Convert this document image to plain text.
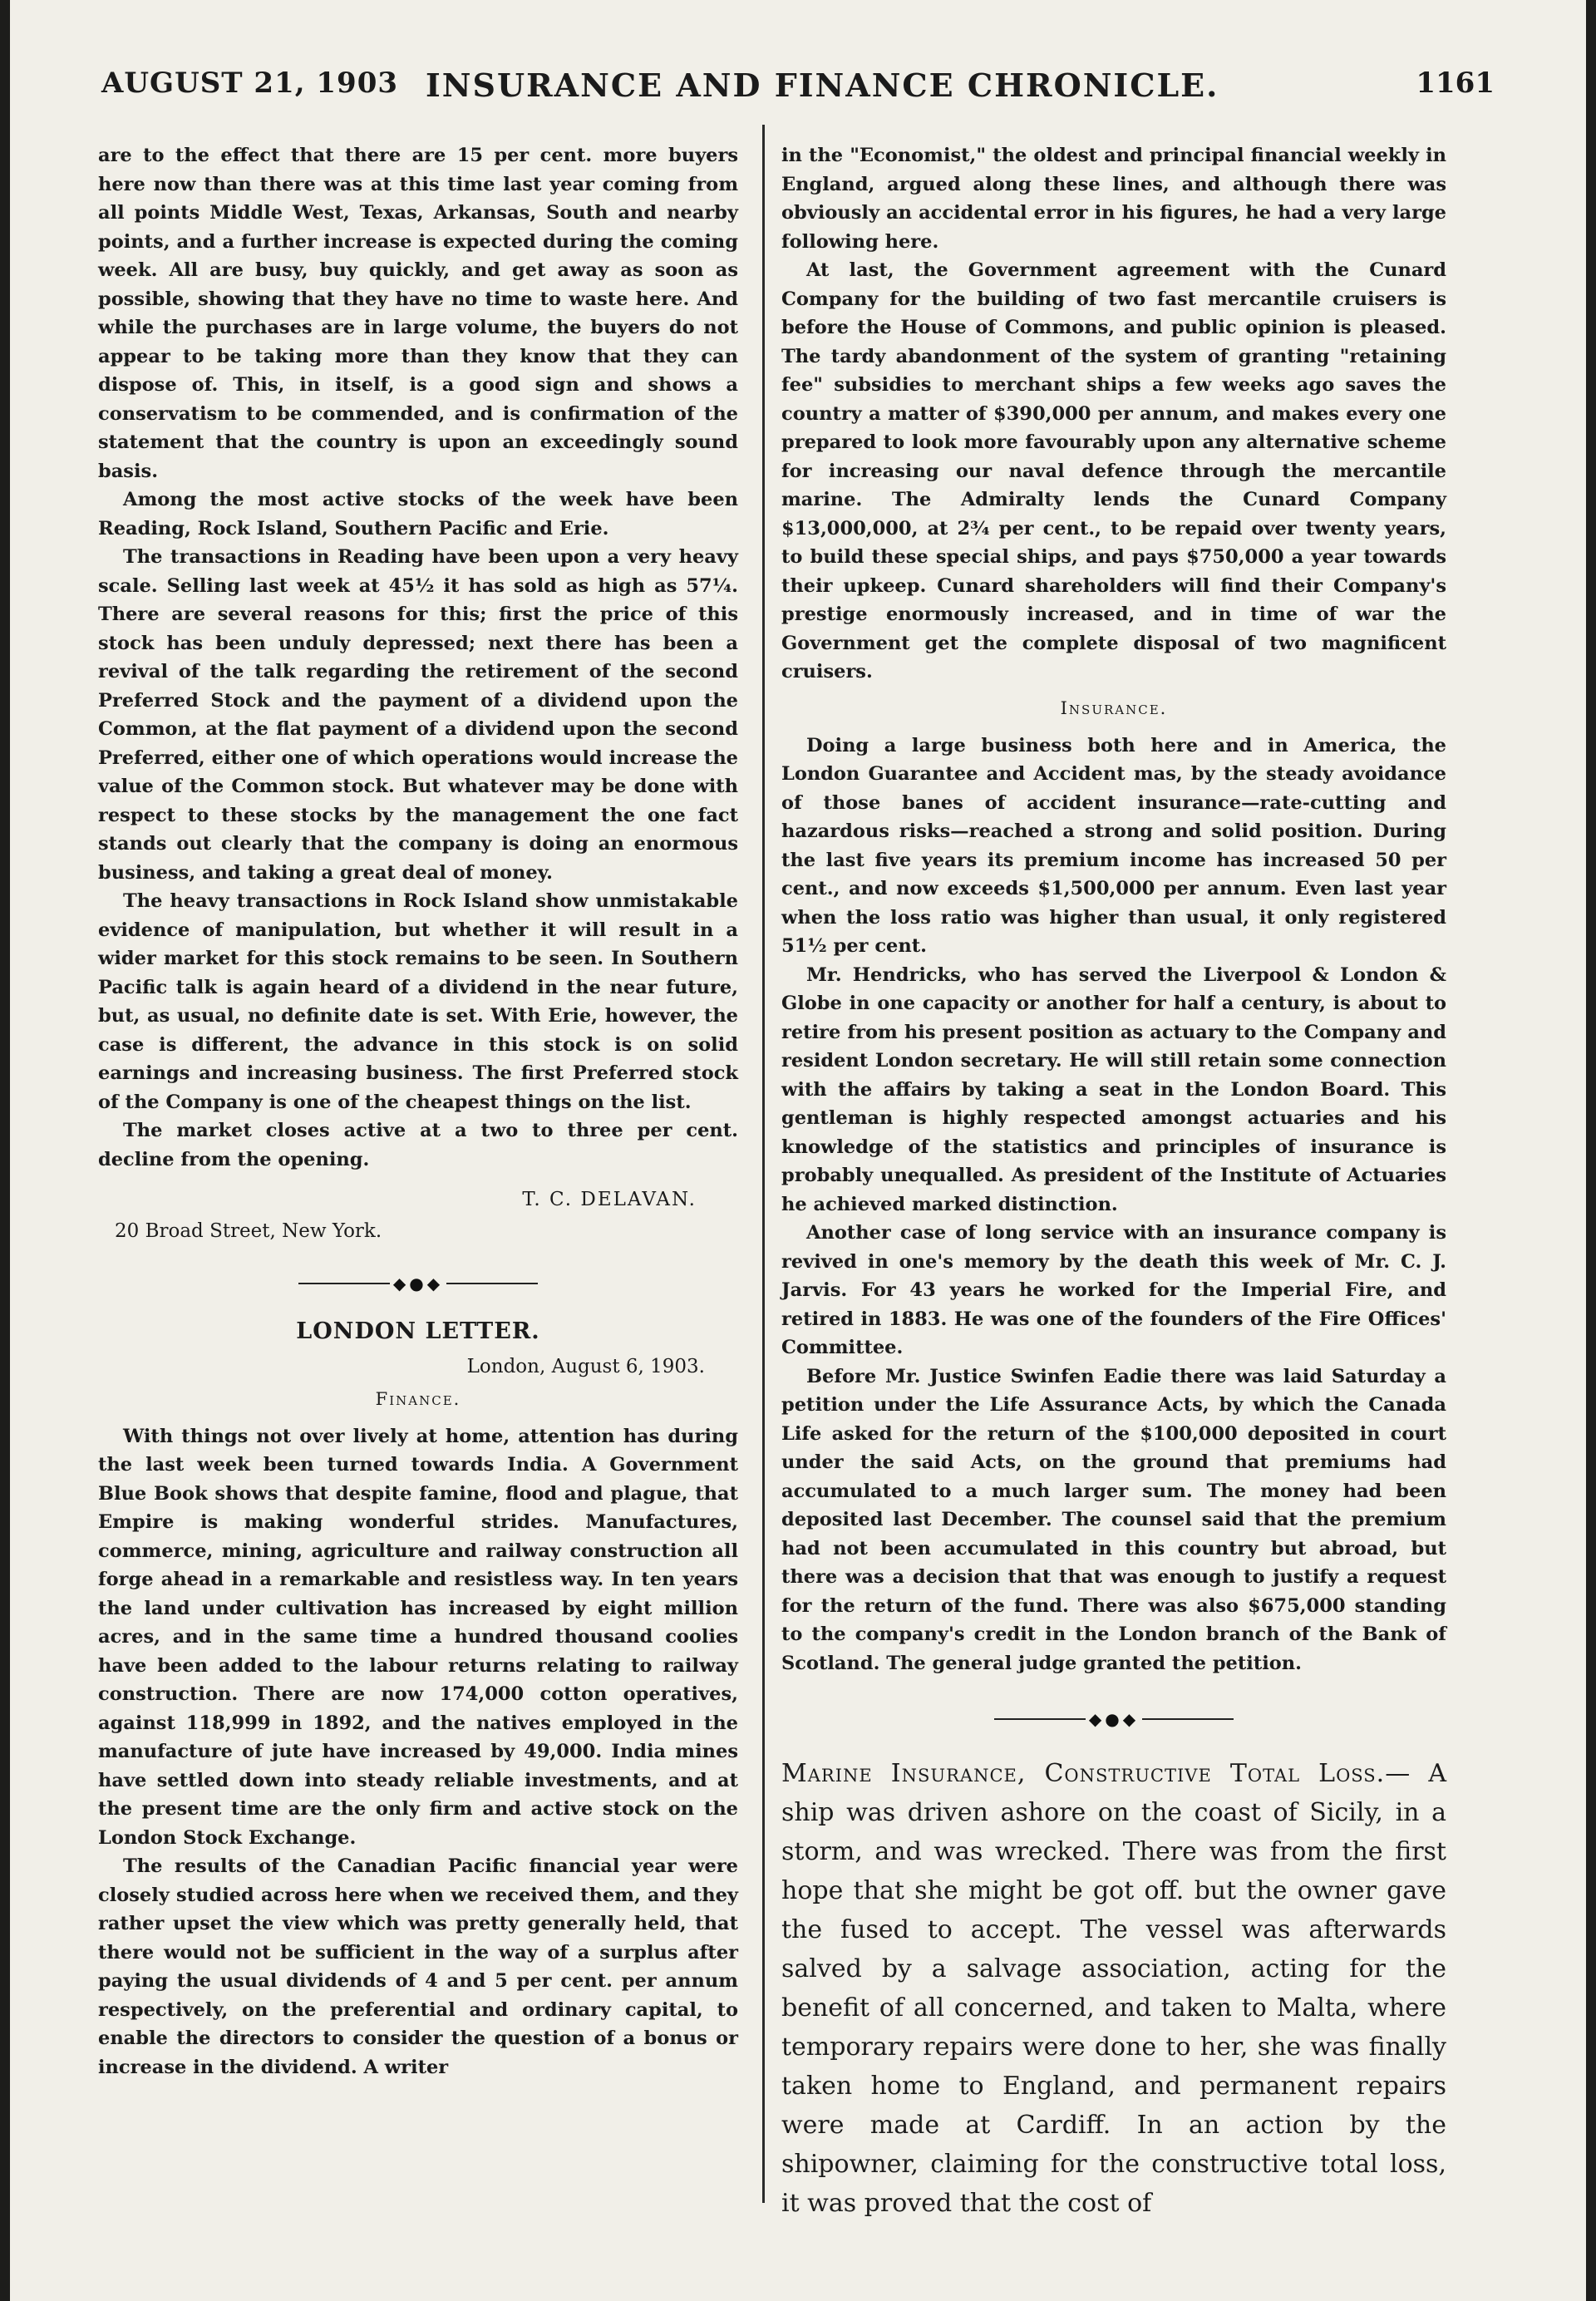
AUGUST 21, 1903 INSURANCE AND FINANCE CHRONICLE.	1161

are to the effect that there are 15 per cent. more buyers here now than there was at this time last year coming from all points Middle West, Texas, Arkansas, South and nearby points, and a further increase is expected during the coming week. All are busy, buy quickly, and get away as soon as possible, showing that they have no time to waste here. And while the purchases are in large volume, the buyers do not appear to be taking more than they know that they can dispose of. This, in itself, is a good sign and shows a conservatism to be commended, and is confirmation of the statement that the country is upon an exceedingly sound basis.

Among the most active stocks of the week have been Reading, Rock Island, Southern Pacific and Erie.

The transactions in Reading have been upon a very heavy scale. Selling last week at 45½ it has sold as high as 57¼. There are several reasons for this; first the price of this stock has been unduly depressed; next there has been a revival of the talk regarding the retirement of the second Preferred Stock and the payment of a dividend upon the Common, at the flat payment of a dividend upon the second Preferred, either one of which operations would increase the value of the Common stock. But whatever may be done with respect to these stocks by the management the one fact stands out clearly that the company is doing an enormous business, and taking a great deal of money.

The heavy transactions in Rock Island show unmistakable evidence of manipulation, but whether it will result in a wider market for this stock remains to be seen. In Southern Pacific talk is again heard of a dividend in the near future, but, as usual, no definite date is set. With Erie, however, the case is different, the advance in this stock is on solid earnings and increasing business. The first Preferred stock of the Company is one of the cheapest things on the list.

The market closes active at a two to three per cent. decline from the opening.

T. C. DELAVAN.
20 Broad Street, New York.
◆●◆
LONDON LETTER.
London, August 6, 1903.
Finance.

With things not over lively at home, attention has during the last week been turned towards India. A Government Blue Book shows that despite famine, flood and plague, that Empire is making wonderful strides. Manufactures, commerce, mining, agriculture and railway construction all forge ahead in a remarkable and resistless way. In ten years the land under cultivation has increased by eight million acres, and in the same time a hundred thousand coolies have been added to the labour returns relating to railway construction. There are now 174,000 cotton operatives, against 118,999 in 1892, and the natives employed in the manufacture of jute have increased by 49,000. India mines have settled down into steady reliable investments, and at the present time are the only firm and active stock on the London Stock Exchange.

The results of the Canadian Pacific financial year were closely studied across here when we received them, and they rather upset the view which was pretty generally held, that there would not be sufficient in the way of a surplus after paying the usual dividends of 4 and 5 per cent. per annum respectively, on the preferential and ordinary capital, to enable the directors to consider the question of a bonus or increase in the dividend. A writer

in the "Economist," the oldest and principal financial weekly in England, argued along these lines, and although there was obviously an accidental error in his figures, he had a very large following here.

At last, the Government agreement with the Cunard Company for the building of two fast mercantile cruisers is before the House of Commons, and public opinion is pleased. The tardy abandonment of the system of granting "retaining fee" subsidies to merchant ships a few weeks ago saves the country a matter of $390,000 per annum, and makes every one prepared to look more favourably upon any alternative scheme for increasing our naval defence through the mercantile marine. The Admiralty lends the Cunard Company $13,000,000, at 2¾ per cent., to be repaid over twenty years, to build these special ships, and pays $750,000 a year towards their upkeep. Cunard shareholders will find their Company's prestige enormously increased, and in time of war the Government get the complete disposal of two magnificent cruisers.

Insurance.

Doing a large business both here and in America, the London Guarantee and Accident mas, by the steady avoidance of those banes of accident insurance—rate-cutting and hazardous risks—reached a strong and solid position. During the last five years its premium income has increased 50 per cent., and now exceeds $1,500,000 per annum. Even last year when the loss ratio was higher than usual, it only registered 51½ per cent.

Mr. Hendricks, who has served the Liverpool & London & Globe in one capacity or another for half a century, is about to retire from his present position as actuary to the Company and resident London secretary. He will still retain some connection with the affairs by taking a seat in the London Board. This gentleman is highly respected amongst actuaries and his knowledge of the statistics and principles of insurance is probably unequalled. As president of the Institute of Actuaries he achieved marked distinction.

Another case of long service with an insurance company is revived in one's memory by the death this week of Mr. C. J. Jarvis. For 43 years he worked for the Imperial Fire, and retired in 1883. He was one of the founders of the Fire Offices' Committee.

Before Mr. Justice Swinfen Eadie there was laid Saturday a petition under the Life Assurance Acts, by which the Canada Life asked for the return of the $100,000 deposited in court under the said Acts, on the ground that premiums had accumulated to a much larger sum. The money had been deposited last December. The counsel said that the premium had not been accumulated in this country but abroad, but there was a decision that that was enough to justify a request for the return of the fund. There was also $675,000 standing to the company's credit in the London branch of the Bank of Scotland. The general judge granted the petition.

◆●◆

Marine Insurance, Constructive Total Loss.— A ship was driven ashore on the coast of Sicily, in a storm, and was wrecked. There was from the first hope that she might be got off. but the owner gave the fused to accept. The vessel was afterwards salved by a salvage association, acting for the benefit of all concerned, and taken to Malta, where temporary repairs were done to her, she was finally taken home to England, and permanent repairs were made at Cardiff. In an action by the shipowner, claiming for the constructive total loss, it was proved that the cost of
